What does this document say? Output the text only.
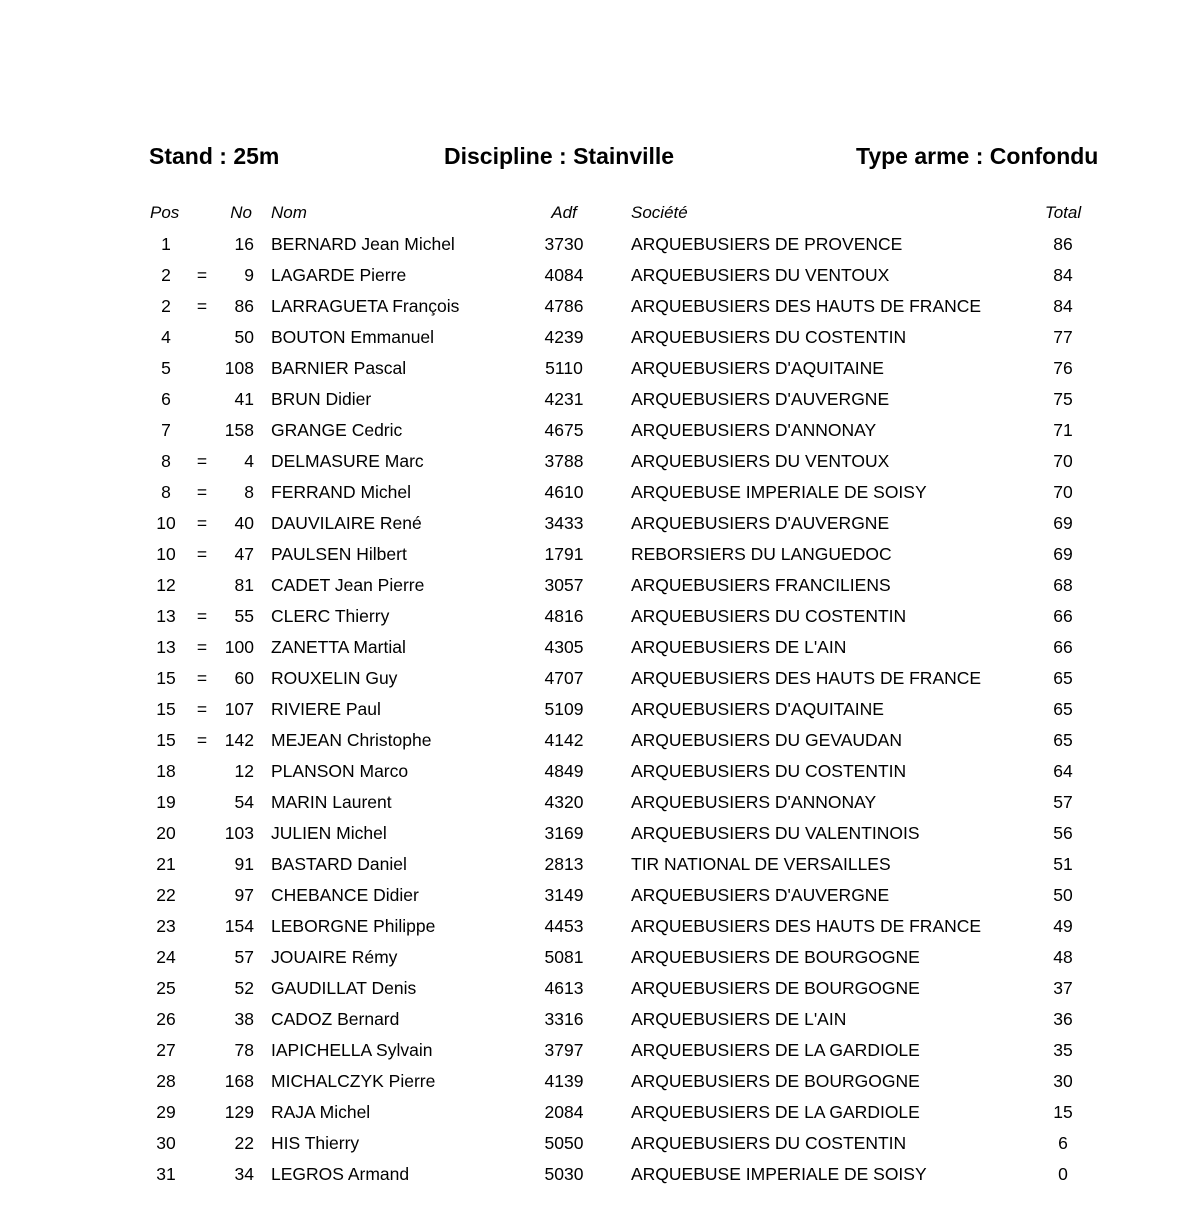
Stand : 25m	Discipline : Stainville	Type arme : Confondu
Pos	No Nom	Adf	Société	Total
1	16 BERNARD Jean Michel	3730	ARQUEBUSIERS DE PROVENCE	86
2	=	9 LAGARDE Pierre	4084	ARQUEBUSIERS DU VENTOUX	84
2	=	86 LARRAGUETA François	4786	ARQUEBUSIERS DES HAUTS DE FRANCE	84
4	50 BOUTON Emmanuel	4239	ARQUEBUSIERS DU COSTENTIN	77
5	108 BARNIER Pascal	5110	ARQUEBUSIERS D'AQUITAINE	76
6	41 BRUN Didier	4231	ARQUEBUSIERS D'AUVERGNE	75
7	158 GRANGE Cedric	4675	ARQUEBUSIERS D'ANNONAY	71
8	=	4 DELMASURE Marc	3788	ARQUEBUSIERS DU VENTOUX	70
8	=	8 FERRAND Michel	4610	ARQUEBUSE IMPERIALE DE SOISY	70
10	=	40 DAUVILAIRE René	3433	ARQUEBUSIERS D'AUVERGNE	69
10	=	47 PAULSEN Hilbert	1791	REBORSIERS DU LANGUEDOC	69
12	81 CADET Jean Pierre	3057	ARQUEBUSIERS FRANCILIENS	68
13	=	55 CLERC Thierry	4816	ARQUEBUSIERS DU COSTENTIN	66
13	=	100 ZANETTA Martial	4305	ARQUEBUSIERS DE L'AIN	66
15	=	60 ROUXELIN Guy	4707	ARQUEBUSIERS DES HAUTS DE FRANCE	65
15	=	107 RIVIERE Paul	5109	ARQUEBUSIERS D'AQUITAINE	65
15	=	142 MEJEAN Christophe	4142	ARQUEBUSIERS DU GEVAUDAN	65
18	12 PLANSON Marco	4849	ARQUEBUSIERS DU COSTENTIN	64
19	54 MARIN Laurent	4320	ARQUEBUSIERS D'ANNONAY	57
20	103 JULIEN Michel	3169	ARQUEBUSIERS DU VALENTINOIS	56
21	91 BASTARD Daniel	2813	TIR NATIONAL DE VERSAILLES	51
22	97 CHEBANCE Didier	3149	ARQUEBUSIERS D'AUVERGNE	50
23	154 LEBORGNE Philippe	4453	ARQUEBUSIERS DES HAUTS DE FRANCE	49
24	57 JOUAIRE Rémy	5081	ARQUEBUSIERS DE BOURGOGNE	48
25	52 GAUDILLAT Denis	4613	ARQUEBUSIERS DE BOURGOGNE	37
26	38 CADOZ Bernard	3316	ARQUEBUSIERS DE L'AIN	36
27	78 IAPICHELLA Sylvain	3797	ARQUEBUSIERS DE LA GARDIOLE	35
28	168 MICHALCZYK Pierre	4139	ARQUEBUSIERS DE BOURGOGNE	30
29	129 RAJA Michel	2084	ARQUEBUSIERS DE LA GARDIOLE	15
30	22 HIS Thierry	5050	ARQUEBUSIERS DU COSTENTIN	6
31	34 LEGROS Armand	5030	ARQUEBUSE IMPERIALE DE SOISY	0
